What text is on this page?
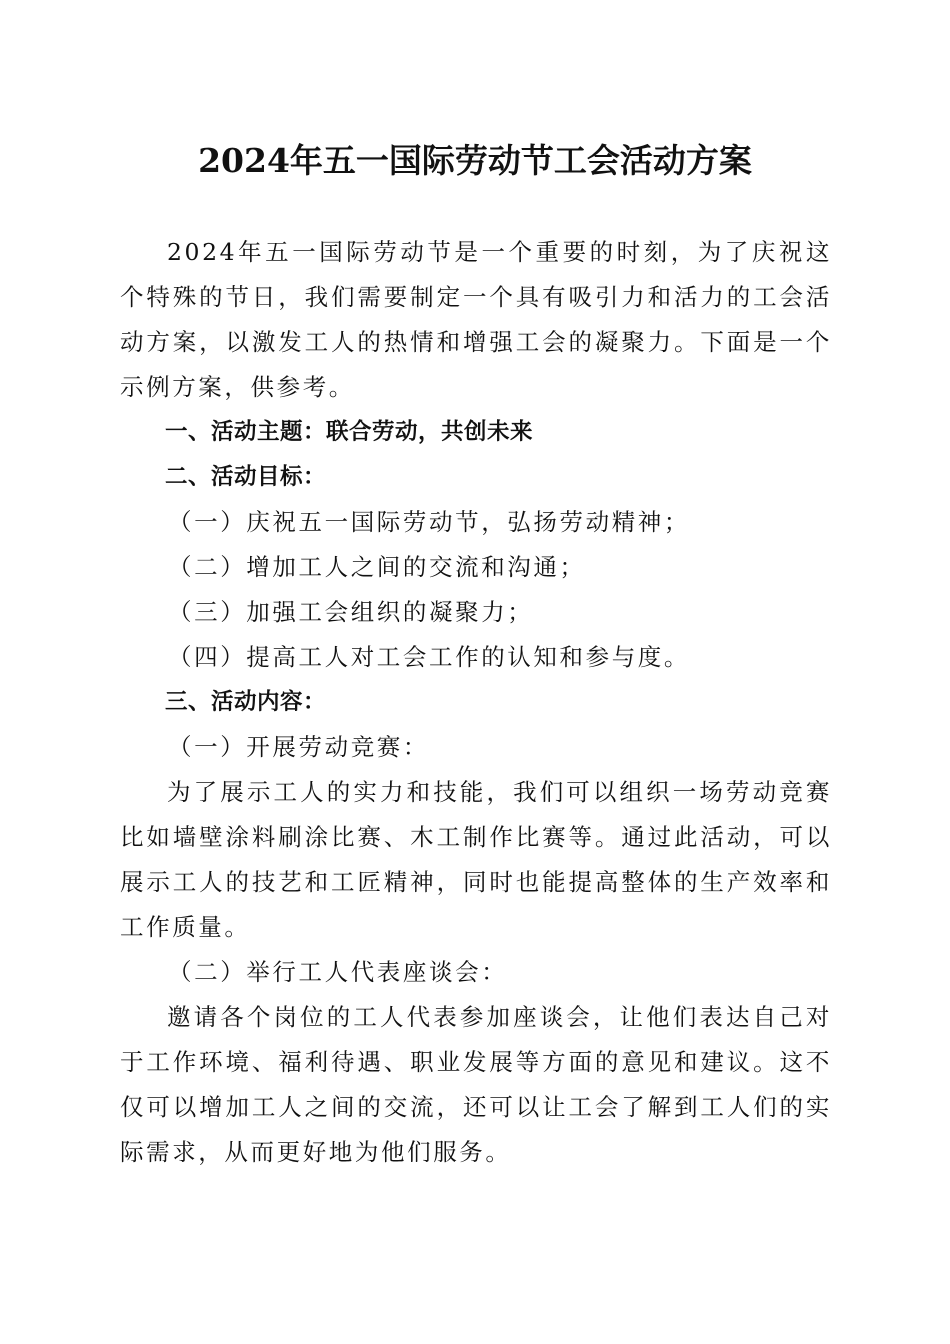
2024年五一国际劳动节工会活动方案

2024年五一国际劳动节是一个重要的时刻，为了庆祝这个特殊的节日，我们需要制定一个具有吸引力和活力的工会活动方案，以激发工人的热情和增强工会的凝聚力。下面是一个示例方案，供参考。

一、活动主题：联合劳动，共创未来

二、活动目标：

（一）庆祝五一国际劳动节，弘扬劳动精神；

（二）增加工人之间的交流和沟通；

（三）加强工会组织的凝聚力；

（四）提高工人对工会工作的认知和参与度。

三、活动内容：

（一）开展劳动竞赛：

为了展示工人的实力和技能，我们可以组织一场劳动竞赛比如墙壁涂料刷涂比赛、木工制作比赛等。通过此活动，可以展示工人的技艺和工匠精神，同时也能提高整体的生产效率和工作质量。

（二）举行工人代表座谈会：

邀请各个岗位的工人代表参加座谈会，让他们表达自己对于工作环境、福利待遇、职业发展等方面的意见和建议。这不仅可以增加工人之间的交流，还可以让工会了解到工人们的实际需求，从而更好地为他们服务。
